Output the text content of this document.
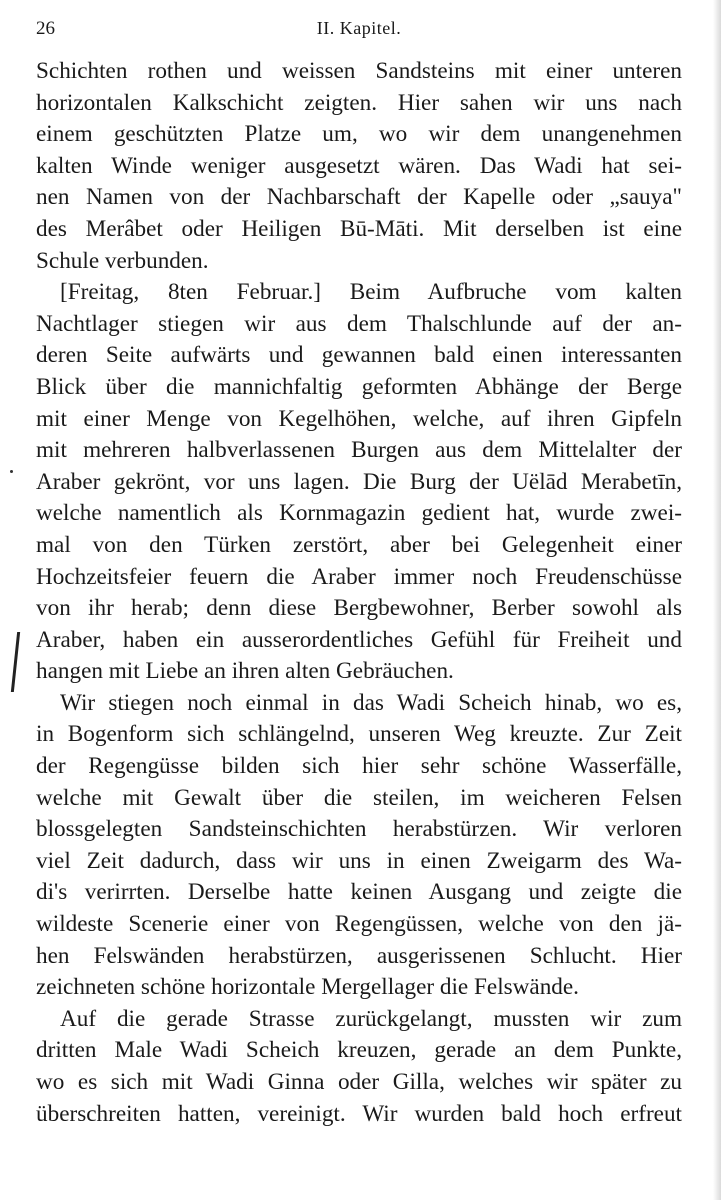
26	II. Kapitel.
Schichten rothen und weissen Sandsteins mit einer unteren
horizontalen Kalkschicht zeigten. Hier sahen wir uns nach
einem geschützten Platze um, wo wir dem unangenehmen
kalten Winde weniger ausgesetzt wären. Das Wadi hat sei-
nen Namen von der Nachbarschaft der Kapelle oder „sauya"
des Merâbet oder Heiligen Bū-Māti. Mit derselben ist eine
Schule verbunden.
[Freitag, 8ten Februar.] Beim Aufbruche vom kalten
Nachtlager stiegen wir aus dem Thalschlunde auf der an-
deren Seite aufwärts und gewannen bald einen interessanten
Blick über die mannichfaltig geformten Abhänge der Berge
mit einer Menge von Kegelhöhen, welche, auf ihren Gipfeln
mit mehreren halbverlassenen Burgen aus dem Mittelalter der
Araber gekrönt, vor uns lagen. Die Burg der Uëlād Merabetīn,
welche namentlich als Kornmagazin gedient hat, wurde zwei-
mal von den Türken zerstört, aber bei Gelegenheit einer
Hochzeitsfeier feuern die Araber immer noch Freudenschüsse
von ihr herab; denn diese Bergbewohner, Berber sowohl als
Araber, haben ein ausserordentliches Gefühl für Freiheit und
hangen mit Liebe an ihren alten Gebräuchen.
Wir stiegen noch einmal in das Wadi Scheich hinab, wo es,
in Bogenform sich schlängelnd, unseren Weg kreuzte. Zur Zeit
der Regengüsse bilden sich hier sehr schöne Wasserfälle,
welche mit Gewalt über die steilen, im weicheren Felsen
blossgelegten Sandsteinschichten herabstürzen. Wir verloren
viel Zeit dadurch, dass wir uns in einen Zweigarm des Wa-
di's verirrten. Derselbe hatte keinen Ausgang und zeigte die
wildeste Scenerie einer von Regengüssen, welche von den jä-
hen Felswänden herabstürzen, ausgerissenen Schlucht. Hier
zeichneten schöne horizontale Mergellager die Felswände.
Auf die gerade Strasse zurückgelangt, mussten wir zum
dritten Male Wadi Scheich kreuzen, gerade an dem Punkte,
wo es sich mit Wadi Ginna oder Gilla, welches wir später zu
überschreiten hatten, vereinigt. Wir wurden bald hoch erfreut
